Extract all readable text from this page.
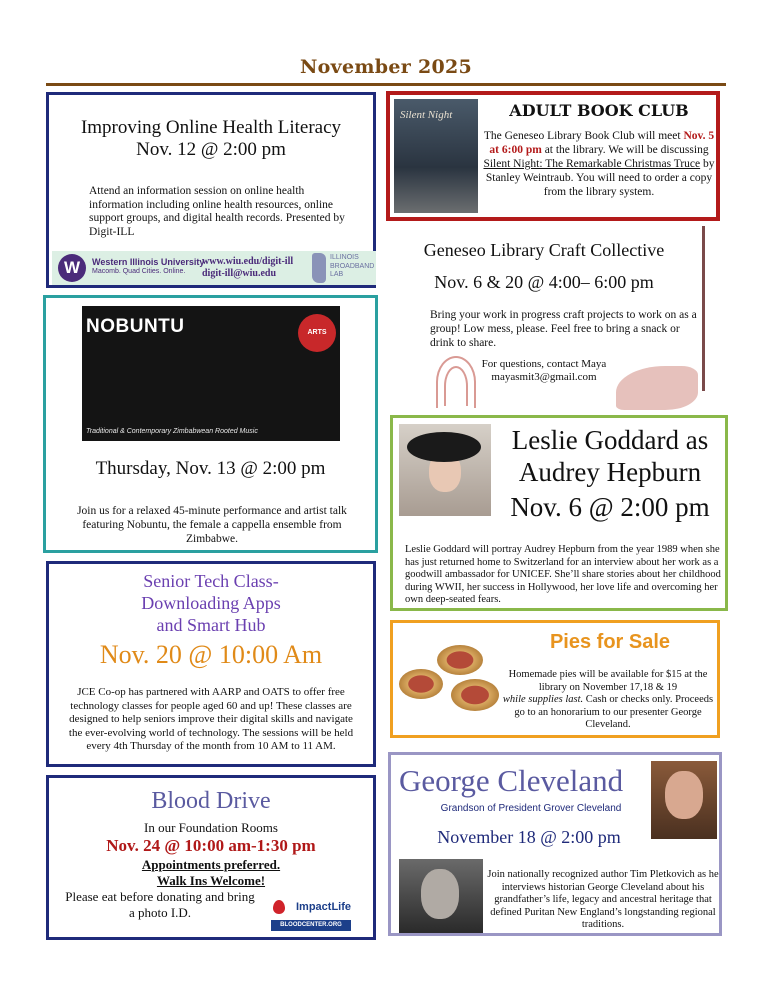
November 2025
Improving Online Health Literacy
Nov. 12 @ 2:00 pm
Attend an information session on online health information including online health resources, online support groups, and digital health records. Presented by Digit-ILL
W	Western Illinois University
Macomb. Quad Cities. Online.
www.wiu.edu/digit-ill
digit-ill@wiu.edu
ILLINOIS BROADBAND LAB
NOBUNTU	ARTS
Traditional & Contemporary Zimbabwean Rooted Music
Thursday, Nov. 13 @ 2:00 pm
Join us for a relaxed 45-minute performance and artist talk featuring Nobuntu, the female a cappella ensemble from Zimbabwe.
Senior Tech Class-
Downloading Apps
and Smart Hub
Nov. 20 @ 10:00 Am
JCE Co-op has partnered with AARP and OATS to offer free technology classes for people aged 60 and up! These classes are designed to help seniors improve their digital skills and navigate the ever-evolving world of technology. The sessions will be held every 4th Thursday of the month from 10 AM to 11 AM.
Blood Drive
In our Foundation Rooms
Nov. 24 @ 10:00 am-1:30 pm
Appointments preferred.
Walk Ins Welcome!
Please eat before donating and bring a photo I.D.	ImpactLife
BLOODCENTER.ORG
Silent Night	ADULT BOOK CLUB
The Geneseo Library Book Club will meet Nov. 5 at 6:00 pm at the library. We will be discussing Silent Night: The Remarkable Christmas Truce by Stanley Weintraub. You will need to order a copy from the library system.
Geneseo Library Craft Collective
Nov. 6 & 20 @ 4:00– 6:00 pm
Bring your work in progress craft projects to work on as a group! Low mess, please. Feel free to bring a snack or drink to share.
For questions, contact Maya
mayasmit3@gmail.com
Leslie Goddard as
Audrey Hepburn
Nov. 6 @ 2:00 pm
Leslie Goddard will portray Audrey Hepburn from the year 1989 when she has just returned home to Switzerland for an interview about her work as a goodwill ambassador for UNICEF. She’ll share stories about her childhood during WWII, her success in Hollywood, her love life and overcoming her own deep-seated fears.
Pies for Sale
Homemade pies will be available for $15 at the library on November 17,18 & 19
while supplies last. Cash or checks only. Proceeds go to an honorarium to our presenter George Cleveland.
George Cleveland
Grandson of President Grover Cleveland
November 18 @ 2:00 pm
Join nationally recognized author Tim Pletkovich as he interviews historian George Cleveland about his grandfather’s life, legacy and ancestral heritage that defined Puritan New England’s longstanding regional traditions.
